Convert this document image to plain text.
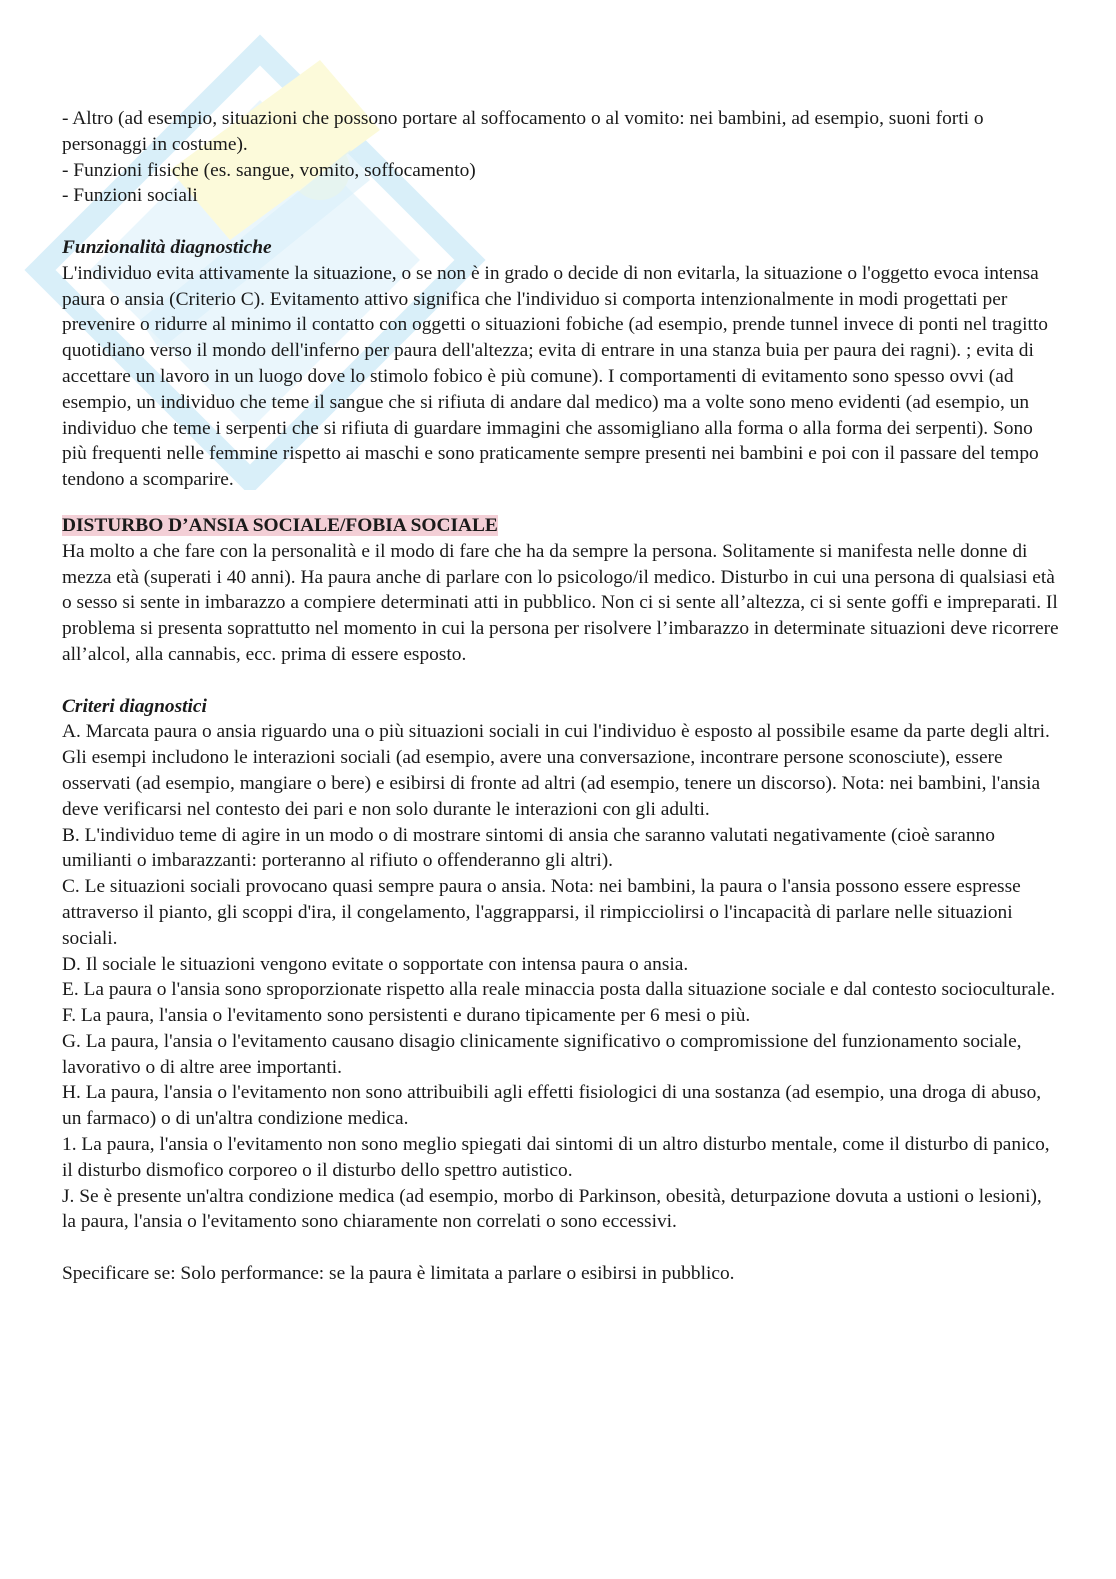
- Altro (ad esempio, situazioni che possono portare al soffocamento o al vomito: nei bambini, ad esempio, suoni forti o personaggi in costume).

- Funzioni fisiche (es. sangue, vomito, soffocamento)

- Funzioni sociali

Funzionalità diagnostiche

L'individuo evita attivamente la situazione, o se non è in grado o decide di non evitarla, la situazione o l'oggetto evoca intensa paura o ansia (Criterio C). Evitamento attivo significa che l'individuo si comporta intenzionalmente in modi progettati per prevenire o ridurre al minimo il contatto con oggetti o situazioni fobiche (ad esempio, prende tunnel invece di ponti nel tragitto quotidiano verso il mondo dell'inferno per paura dell'altezza; evita di entrare in una stanza buia per paura dei ragni). ; evita di accettare un lavoro in un luogo dove lo stimolo fobico è più comune). I comportamenti di evitamento sono spesso ovvi (ad esempio, un individuo che teme il sangue che si rifiuta di andare dal medico) ma a volte sono meno evidenti (ad esempio, un individuo che teme i serpenti che si rifiuta di guardare immagini che assomigliano alla forma o alla forma dei serpenti). Sono più frequenti nelle femmine rispetto ai maschi e sono praticamente sempre presenti nei bambini e poi con il passare del tempo tendono a scomparire.

DISTURBO D’ANSIA SOCIALE/FOBIA SOCIALE

Ha molto a che fare con la personalità e il modo di fare che ha da sempre la persona. Solitamente si manifesta nelle donne di mezza età (superati i 40 anni). Ha paura anche di parlare con lo psicologo/il medico. Disturbo in cui una persona di qualsiasi età o sesso si sente in imbarazzo a compiere determinati atti in pubblico. Non ci si sente all’altezza, ci si sente goffi e impreparati. Il problema si presenta soprattutto nel momento in cui la persona per risolvere l’imbarazzo in determinate situazioni deve ricorrere all’alcol, alla cannabis, ecc. prima di essere esposto.

Criteri diagnostici

A. Marcata paura o ansia riguardo una o più situazioni sociali in cui l'individuo è esposto al possibile esame da parte degli altri. Gli esempi includono le interazioni sociali (ad esempio, avere una conversazione, incontrare persone sconosciute), essere osservati (ad esempio, mangiare o bere) e esibirsi di fronte ad altri (ad esempio, tenere un discorso). Nota: nei bambini, l'ansia deve verificarsi nel contesto dei pari e non solo durante le interazioni con gli adulti.

B. L'individuo teme di agire in un modo o di mostrare sintomi di ansia che saranno valutati negativamente (cioè saranno umilianti o imbarazzanti: porteranno al rifiuto o offenderanno gli altri).

C. Le situazioni sociali provocano quasi sempre paura o ansia. Nota: nei bambini, la paura o l'ansia possono essere espresse attraverso il pianto, gli scoppi d'ira, il congelamento, l'aggrapparsi, il rimpicciolirsi o l'incapacità di parlare nelle situazioni sociali.

D. Il sociale le situazioni vengono evitate o sopportate con intensa paura o ansia.

E. La paura o l'ansia sono sproporzionate rispetto alla reale minaccia posta dalla situazione sociale e dal contesto socioculturale.

F. La paura, l'ansia o l'evitamento sono persistenti e durano tipicamente per 6 mesi o più.

G. La paura, l'ansia o l'evitamento causano disagio clinicamente significativo o compromissione del funzionamento sociale, lavorativo o di altre aree importanti.

H. La paura, l'ansia o l'evitamento non sono attribuibili agli effetti fisiologici di una sostanza (ad esempio, una droga di abuso, un farmaco) o di un'altra condizione medica.

1. La paura, l'ansia o l'evitamento non sono meglio spiegati dai sintomi di un altro disturbo mentale, come il disturbo di panico, il disturbo dismofico corporeo o il disturbo dello spettro autistico.

J. Se è presente un'altra condizione medica (ad esempio, morbo di Parkinson, obesità, deturpazione dovuta a ustioni o lesioni), la paura, l'ansia o l'evitamento sono chiaramente non correlati o sono eccessivi.

Specificare se: Solo performance: se la paura è limitata a parlare o esibirsi in pubblico.
